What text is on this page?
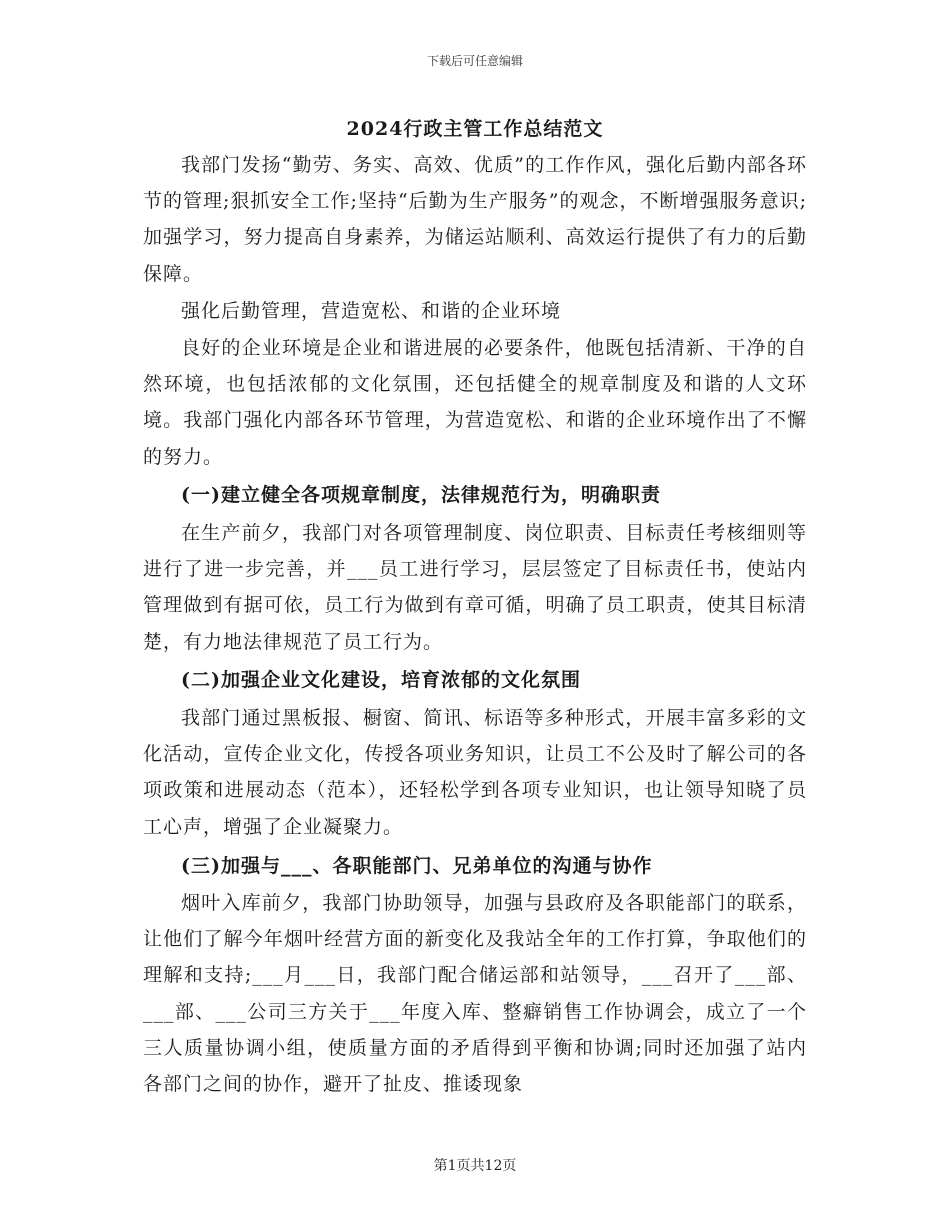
下载后可任意编辑
2024行政主管工作总结范文

我部门发扬“勤劳、务实、高效、优质”的工作作风，强化后勤内部各环节的管理;狠抓安全工作;坚持“后勤为生产服务”的观念，不断增强服务意识;加强学习，努力提高自身素养，为储运站顺利、高效运行提供了有力的后勤保障。

强化后勤管理，营造宽松、和谐的企业环境

良好的企业环境是企业和谐进展的必要条件，他既包括清新、干净的自然环境，也包括浓郁的文化氛围，还包括健全的规章制度及和谐的人文环境。我部门强化内部各环节管理，为营造宽松、和谐的企业环境作出了不懈的努力。

(一)建立健全各项规章制度，法律规范行为，明确职责

在生产前夕，我部门对各项管理制度、岗位职责、目标责任考核细则等进行了进一步完善，并___员工进行学习，层层签定了目标责任书，使站内管理做到有据可依，员工行为做到有章可循，明确了员工职责，使其目标清楚，有力地法律规范了员工行为。

(二)加强企业文化建设，培育浓郁的文化氛围

我部门通过黑板报、橱窗、简讯、标语等多种形式，开展丰富多彩的文化活动，宣传企业文化，传授各项业务知识，让员工不公及时了解公司的各项政策和进展动态（范本），还轻松学到各项专业知识，也让领导知晓了员工心声，增强了企业凝聚力。

(三)加强与___、各职能部门、兄弟单位的沟通与协作

烟叶入库前夕，我部门协助领导，加强与县政府及各职能部门的联系，让他们了解今年烟叶经营方面的新变化及我站全年的工作打算，争取他们的理解和支持;___月___日，我部门配合储运部和站领导，___召开了___部、___部、___公司三方关于___年度入库、整癖销售工作协调会，成立了一个三人质量协调小组，使质量方面的矛盾得到平衡和协调;同时还加强了站内各部门之间的协作，避开了扯皮、推诿现象

第1页共12页
